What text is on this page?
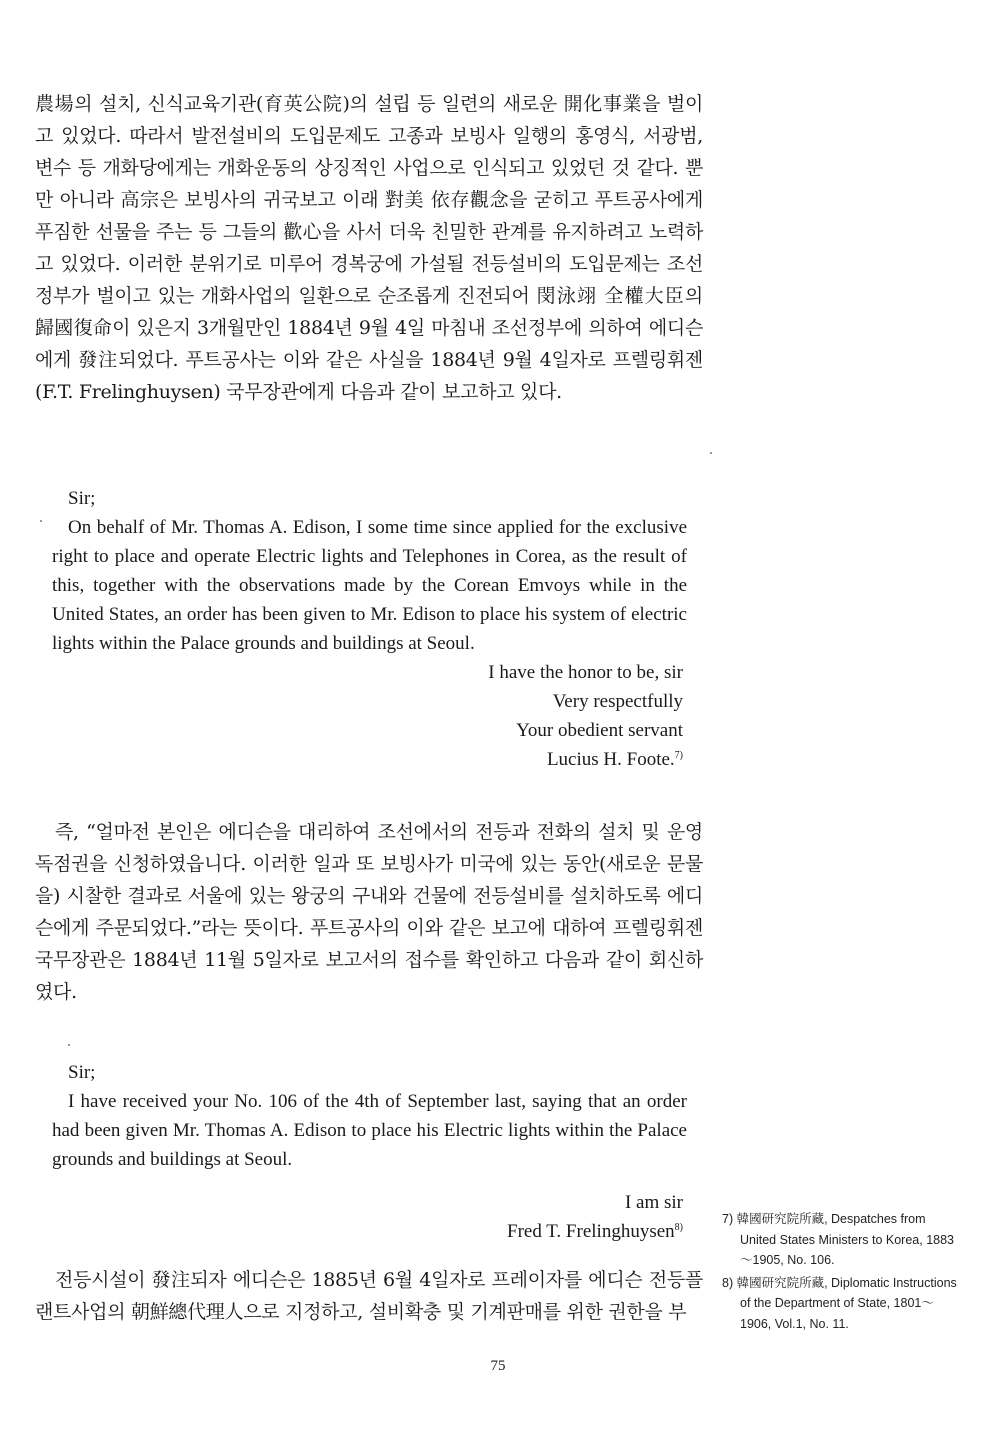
農場의 설치, 신식교육기관(育英公院)의 설립 등 일련의 새로운 開化事業을 벌이고 있었다. 따라서 발전설비의 도입문제도 고종과 보빙사 일행의 홍영식, 서광범, 변수 등 개화당에게는 개화운동의 상징적인 사업으로 인식되고 있었던 것 같다. 뿐만 아니라 高宗은 보빙사의 귀국보고 이래 對美 依存觀念을 굳히고 푸트공사에게 푸짐한 선물을 주는 등 그들의 歡心을 사서 더욱 친밀한 관계를 유지하려고 노력하고 있었다. 이러한 분위기로 미루어 경복궁에 가설될 전등설비의 도입문제는 조선정부가 벌이고 있는 개화사업의 일환으로 순조롭게 진전되어 閔泳翊 全權大臣의 歸國復命이 있은지 3개월만인 1884년 9월 4일 마침내 조선정부에 의하여 에디슨에게 發注되었다. 푸트공사는 이와 같은 사실을 1884년 9월 4일자로 프렐링휘젠(F.T. Frelinghuysen) 국무장관에게 다음과 같이 보고하고 있다.

Sir;

On behalf of Mr. Thomas A. Edison, I some time since applied for the exclusive right to place and operate Electric lights and Telephones in Corea, as the result of this, together with the observations made by the Corean Emvoys while in the United States, an order has been given to Mr. Edison to place his system of electric lights within the Palace grounds and buildings at Seoul.

I have the honor to be, sir

Very respectfully

Your obedient servant

Lucius H. Foote.$^{7)}$

즉, “얼마전 본인은 에디슨을 대리하여 조선에서의 전등과 전화의 설치 및 운영 독점권을 신청하였읍니다. 이러한 일과 또 보빙사가 미국에 있는 동안(새로운 문물을) 시찰한 결과로 서울에 있는 왕궁의 구내와 건물에 전등설비를 설치하도록 에디슨에게 주문되었다.”라는 뜻이다. 푸트공사의 이와 같은 보고에 대하여 프렐링휘젠 국무장관은 1884년 11월 5일자로 보고서의 접수를 확인하고 다음과 같이 회신하였다.

Sir;

I have received your No. 106 of the 4th of September last, saying that an order had been given Mr. Thomas A. Edison to place his Electric lights within the Palace grounds and buildings at Seoul.

I am sir

Fred T. Frelinghuysen$^{8)}$

전등시설이 發注되자 에디슨은 1885년 6월 4일자로 프레이자를 에디슨 전등플랜트사업의 朝鮮總代理人으로 지정하고, 설비확충 및 기계판매를 위한 권한을 부

7) 韓國研究院所藏, Despatches from United States Ministers to Korea, 1883～1905, No. 106.

8) 韓國研究院所藏, Diplomatic Instructions of the Department of State, 1801～1906, Vol.1, No. 11.

75
